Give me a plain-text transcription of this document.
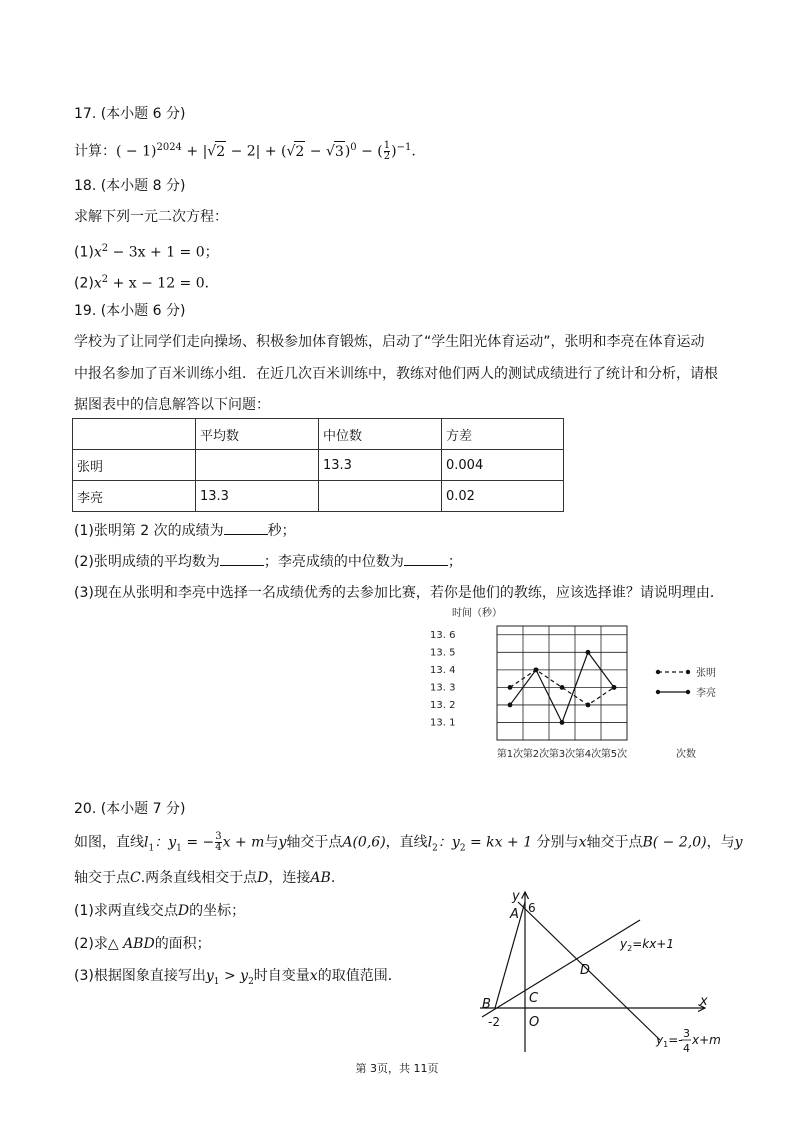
17. (本小题 6 分)
计算：( − $1)^{2024} + |√2 - 2| + (√2 - √3)^0$ − ( $\frac{1}{2} )^{-1}$.
18. (本小题 8 分)
求解下列一元二次方程：
$(1)x^2 - 3x + 1 = 0$；
$(2)x^2 + x - 12 = 0$．
19. (本小题 6 分)
学校为了让同学们走向操场、积极参加体育锻炼，启动了“学生阳光体育运动”，张明和李亮在体育运动
中报名参加了百米训练小组．在近几次百米训练中，教练对他们两人的测试成绩进行了统计和分析，请根
据图表中的信息解答以下问题：
	平均数	中位数	方差
张明		13.3	0.004
李亮	13.3		0.02
(1)张明第 2 次的成绩为	秒；
(2)张明成绩的平均数为	；李亮成绩的中位数为	；
(3)现在从张明和李亮中选择一名成绩优秀的去参加比赛，若你是他们的教练，应该选择谁？请说明理由．
时间（秒）
13. 1
13. 2
13. 3
13. 4
13. 5
13. 6
第1次 第2次 第3次 第4次 第5次	次数
张明
李亮
20. (本小题 7 分)
如图，直线$l_1$：$y_1$ = − $\frac{3}{4}$ x + m与y轴交于点A(0,6)，直线$l_2$：$y_2$ = kx + 1 分别与x轴交于点B( − 2,0)，与y
轴交于点C.两条直线相交于点D，连接AB.
(1)求两直线交点D的坐标；
(2)求△ ABD的面积；
(3)根据图象直接写出$y_1 > y_2$时自变量x的取值范围．
y
x
A 6
B
-2
C
O
D
$y_2=kx+1$
$y_1=-$ 3
4
x+m
第 3页，共 11页
